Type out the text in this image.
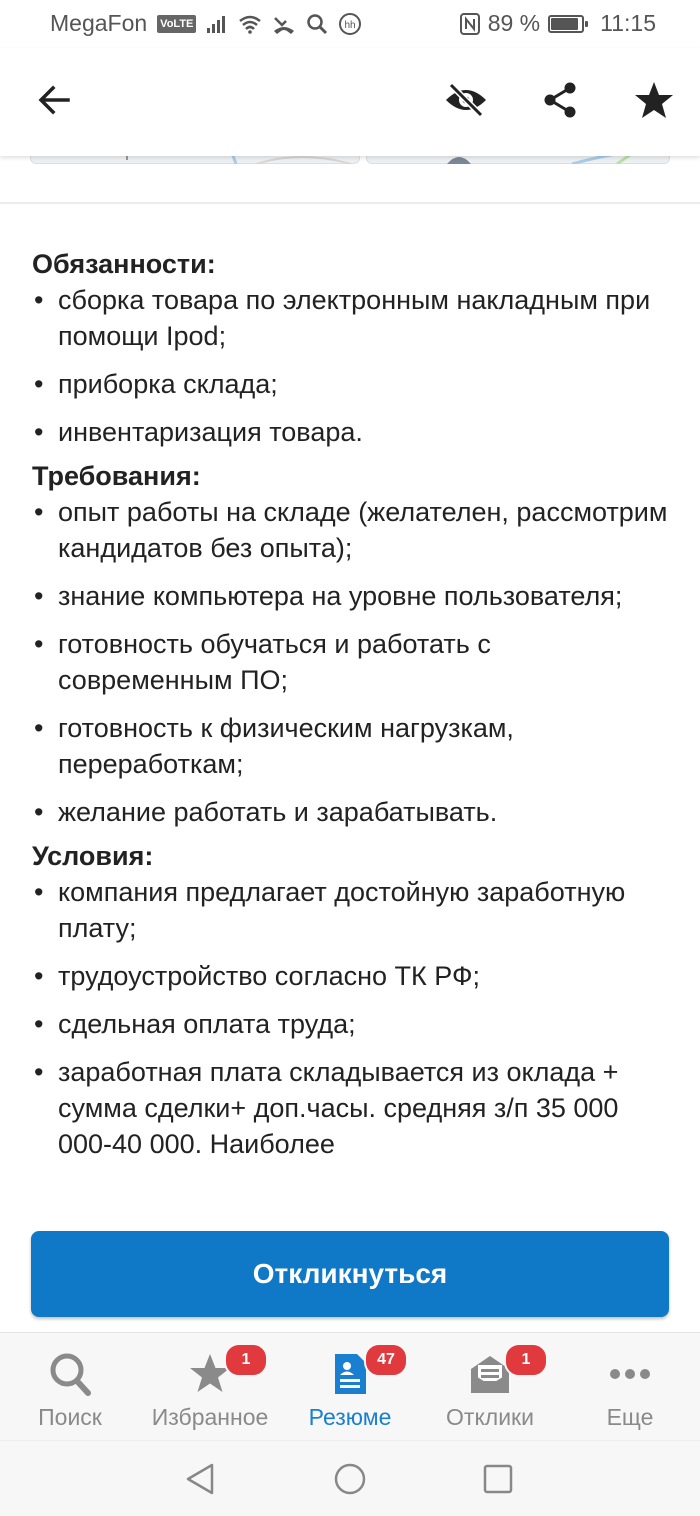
MegaFon VoLTE	hh	89 %	11:15
Обязанности:
• сборка товара по электронным накладным при помощи Ipod;
• приборка склада;
• инвентаризация товара.
Требования:
• опыт работы на складе (желателен, рассмотрим кандидатов без опыта);
• знание компьютера на уровне пользователя;
• готовность обучаться и работать с современным ПО;
• готовность к физическим нагрузкам, переработкам;
• желание работать и зарабатывать.
Условия:
• компания предлагает достойную заработную плату;
• трудоустройство согласно ТК РФ;
• сдельная оплата труда;
• заработная плата складывается из оклада + сумма сделки+ доп.часы. средняя з/п 35 000 000-40 000. Наиболее
Откликнуться
Поиск
1
Избранное
47
Резюме
1
Отклики	Еще
